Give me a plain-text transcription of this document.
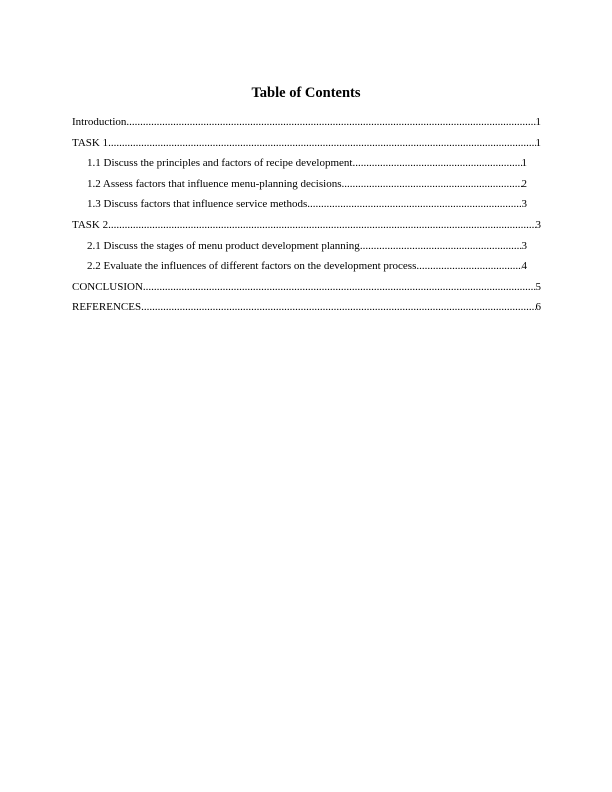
Table of Contents
Introduction .....	1
TASK 1 .....	1
1.1 Discuss the principles and factors of recipe development .....	1
1.2 Assess factors that influence menu-planning decisions .....	2
1.3 Discuss factors that influence service methods .....	3
TASK 2 .....	3
2.1 Discuss the stages of menu product development planning .....	3
2.2 Evaluate the influences of different factors on the development process .....	4
CONCLUSION .....	5
REFERENCES .....	6
